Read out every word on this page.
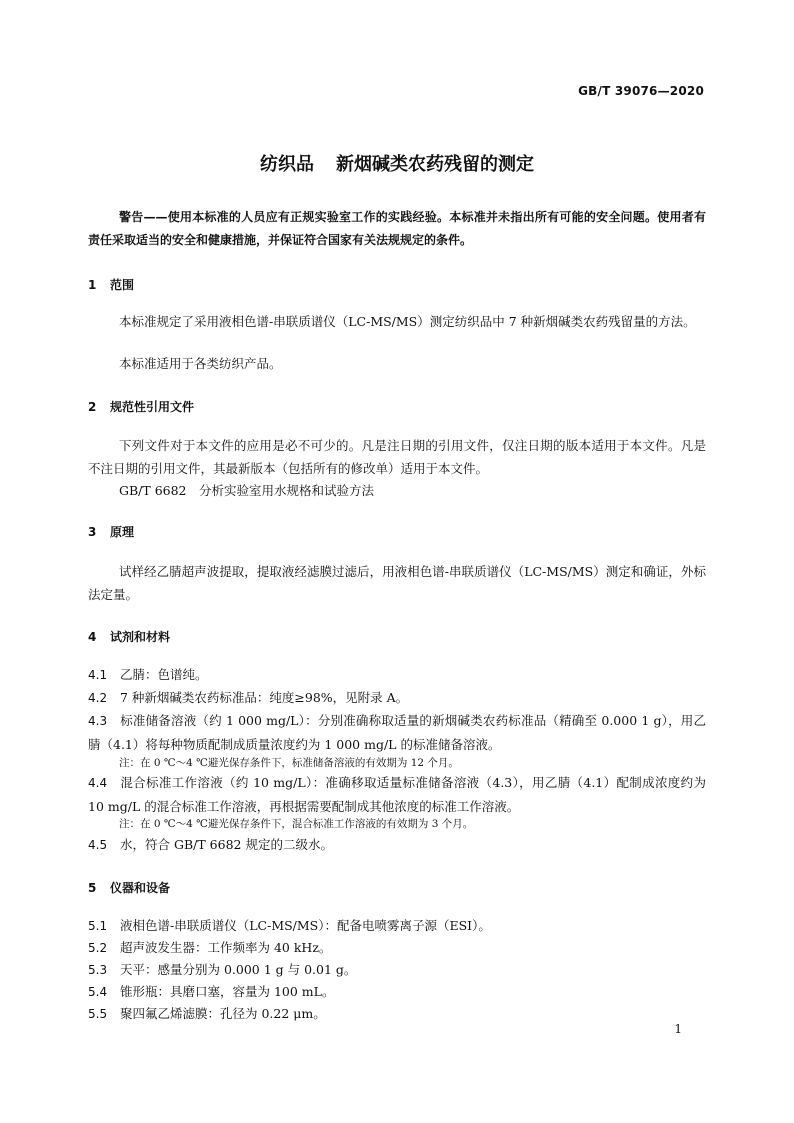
GB/T 39076—2020
纺织品 新烟碱类农药残留的测定

警告——使用本标准的人员应有正规实验室工作的实践经验。本标准并未指出所有可能的安全问题。使用者有责任采取适当的安全和健康措施，并保证符合国家有关法规规定的条件。

1 范围

本标准规定了采用液相色谱-串联质谱仪（LC-MS/MS）测定纺织品中 7 种新烟碱类农药残留量的方法。

本标准适用于各类纺织产品。

2 规范性引用文件

下列文件对于本文件的应用是必不可少的。凡是注日期的引用文件，仅注日期的版本适用于本文件。凡是不注日期的引用文件，其最新版本（包括所有的修改单）适用于本文件。

GB/T 6682　分析实验室用水规格和试验方法

3 原理

试样经乙腈超声波提取，提取液经滤膜过滤后，用液相色谱-串联质谱仪（LC-MS/MS）测定和确证，外标法定量。

4 试剂和材料

4.1 乙腈：色谱纯。

4.2 7 种新烟碱类农药标准品：纯度≥98%，见附录 A。

4.3 标准储备溶液（约 1 000 mg/L）：分别准确称取适量的新烟碱类农药标准品（精确至 0.000 1 g），用乙腈（4.1）将每种物质配制成质量浓度约为 1 000 mg/L 的标准储备溶液。

注：在 0 ℃～4 ℃避光保存条件下，标准储备溶液的有效期为 12 个月。

4.4 混合标准工作溶液（约 10 mg/L）：准确移取适量标准储备溶液（4.3），用乙腈（4.1）配制成浓度约为 10 mg/L 的混合标准工作溶液，再根据需要配制成其他浓度的标准工作溶液。

注：在 0 ℃～4 ℃避光保存条件下，混合标准工作溶液的有效期为 3 个月。

4.5 水，符合 GB/T 6682 规定的二级水。

5 仪器和设备

5.1 液相色谱-串联质谱仪（LC-MS/MS）：配备电喷雾离子源（ESI）。

5.2 超声波发生器：工作频率为 40 kHz。

5.3 天平：感量分别为 0.000 1 g 与 0.01 g。

5.4 锥形瓶：具磨口塞，容量为 100 mL。

5.5 聚四氟乙烯滤膜：孔径为 0.22 μm。

1
